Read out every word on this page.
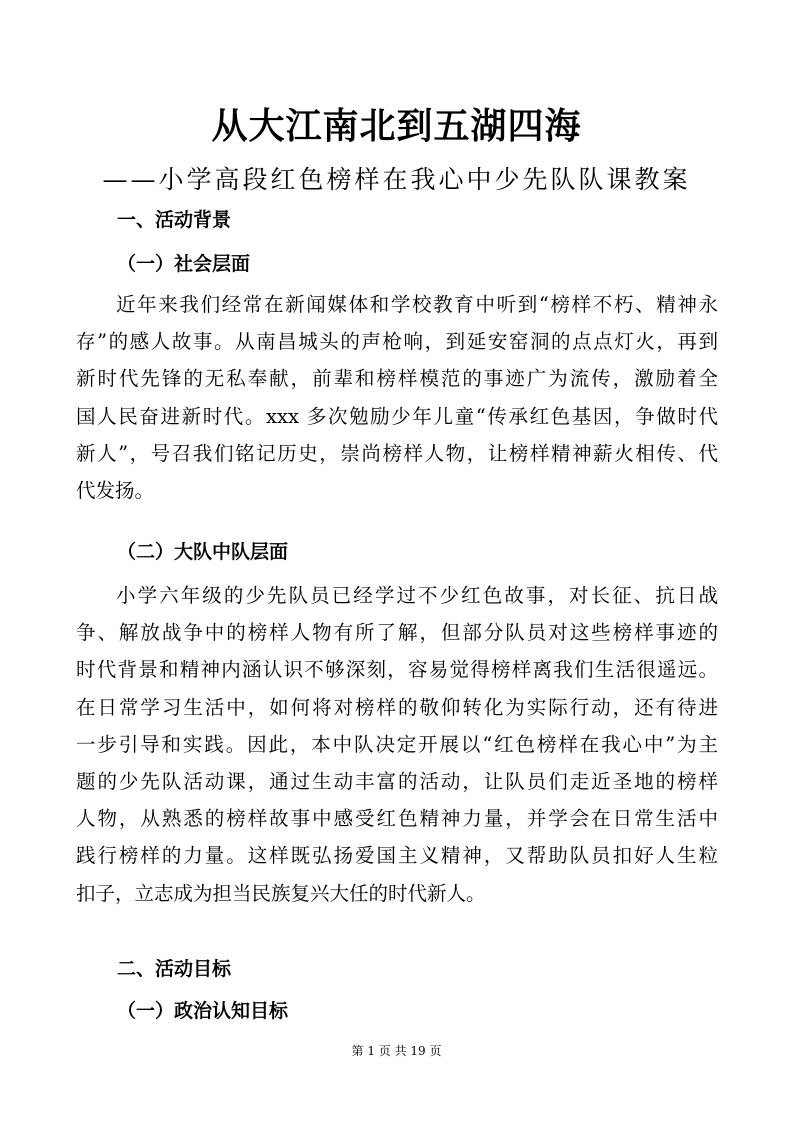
从大江南北到五湖四海
——小学高段红色榜样在我心中少先队队课教案
一、活动背景
（一）社会层面
近年来我们经常在新闻媒体和学校教育中听到“榜样不朽、精神永
存”的感人故事。从南昌城头的声枪响，到延安窑洞的点点灯火，再到
新时代先锋的无私奉献，前辈和榜样模范的事迹广为流传，激励着全
国人民奋进新时代。xxx 多次勉励少年儿童“传承红色基因，争做时代
新人”，号召我们铭记历史，崇尚榜样人物，让榜样精神薪火相传、代
代发扬。
（二）大队中队层面
小学六年级的少先队员已经学过不少红色故事，对长征、抗日战
争、解放战争中的榜样人物有所了解，但部分队员对这些榜样事迹的
时代背景和精神内涵认识不够深刻，容易觉得榜样离我们生活很遥远。
在日常学习生活中，如何将对榜样的敬仰转化为实际行动，还有待进
一步引导和实践。因此，本中队决定开展以“红色榜样在我心中”为主
题的少先队活动课，通过生动丰富的活动，让队员们走近圣地的榜样
人物，从熟悉的榜样故事中感受红色精神力量，并学会在日常生活中
践行榜样的力量。这样既弘扬爱国主义精神，又帮助队员扣好人生粒
扣子，立志成为担当民族复兴大任的时代新人。
二、活动目标
（一）政治认知目标
第 1 页 共 19 页
